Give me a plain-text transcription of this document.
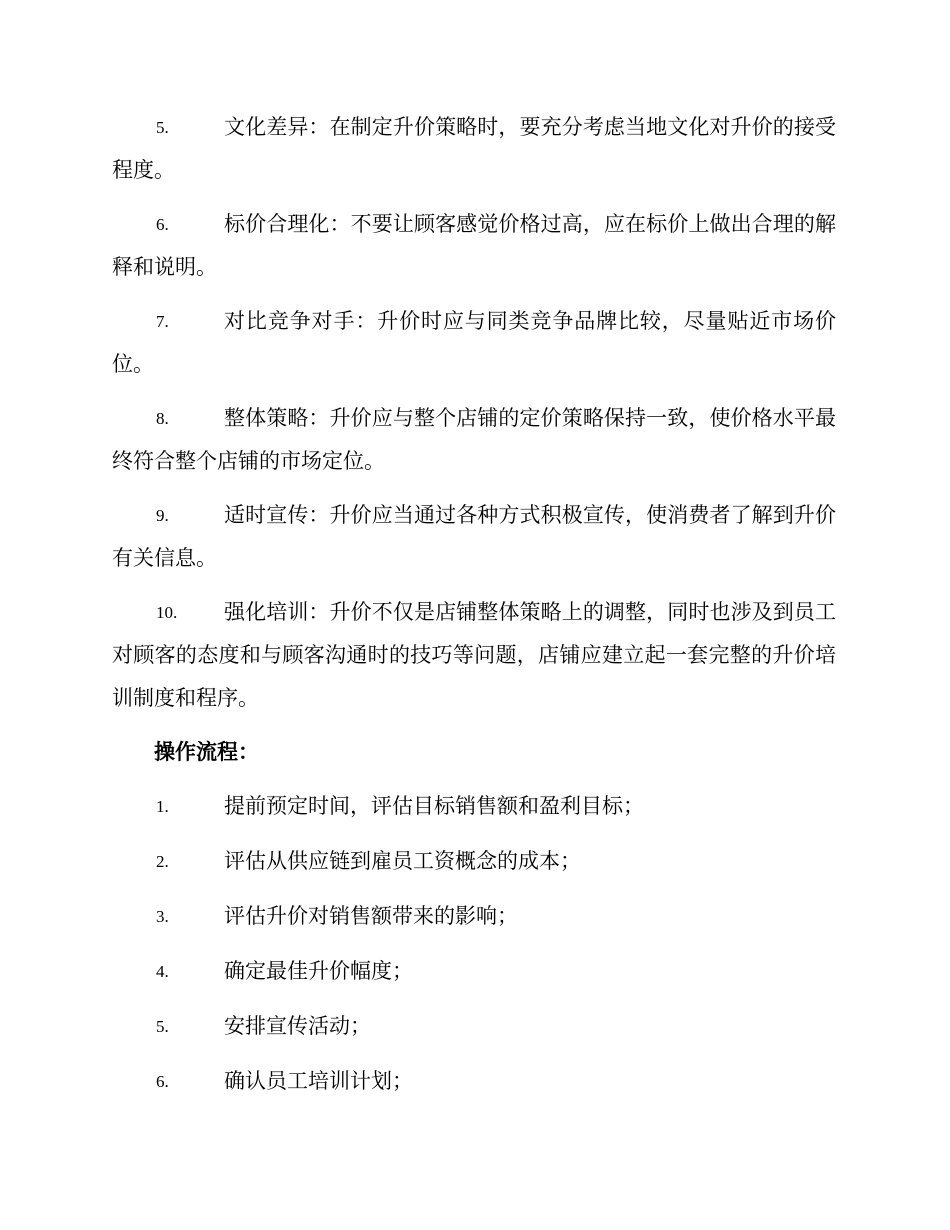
5.	文化差异：在制定升价策略时，要充分考虑当地文化对升价的接受程度。
6.	标价合理化：不要让顾客感觉价格过高，应在标价上做出合理的解释和说明。
7.	对比竞争对手：升价时应与同类竞争品牌比较，尽量贴近市场价位。
8.	整体策略：升价应与整个店铺的定价策略保持一致，使价格水平最终符合整个店铺的市场定位。
9.	适时宣传：升价应当通过各种方式积极宣传，使消费者了解到升价有关信息。
10. 强化培训：升价不仅是店铺整体策略上的调整，同时也涉及到员工对顾客的态度和与顾客沟通时的技巧等问题，店铺应建立起一套完整的升价培训制度和程序。
操作流程：
1.	提前预定时间，评估目标销售额和盈利目标；
2.	评估从供应链到雇员工资概念的成本；
3.	评估升价对销售额带来的影响；
4.	确定最佳升价幅度；
5.	安排宣传活动；
6.	确认员工培训计划；
